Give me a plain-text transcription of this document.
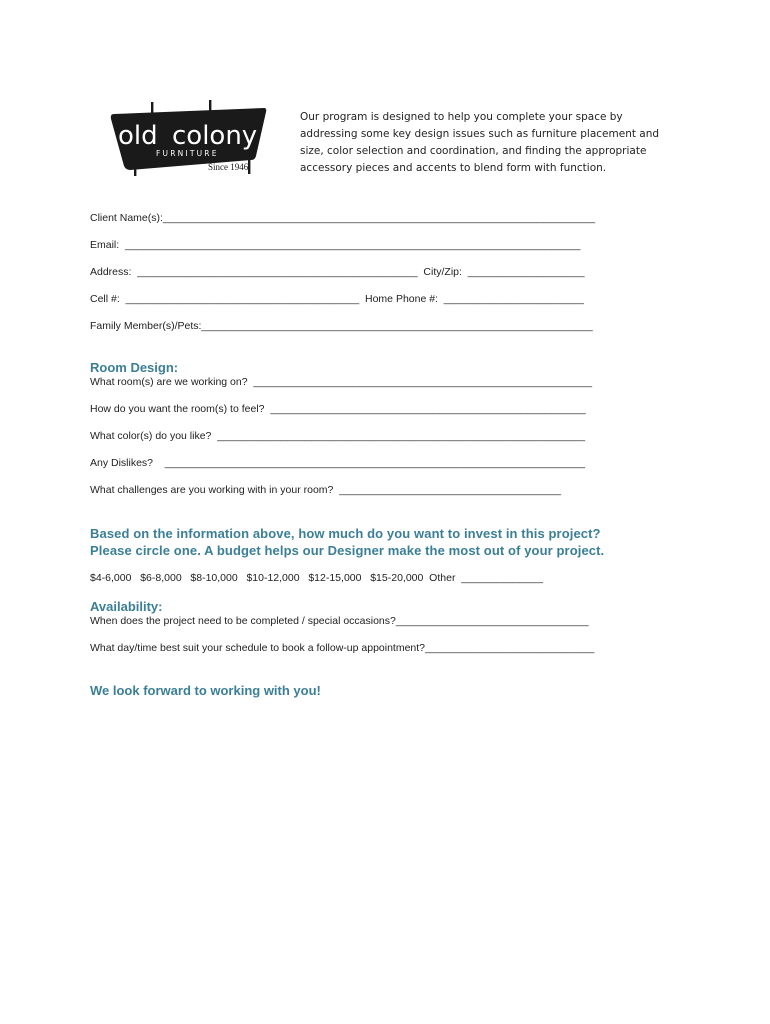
old colony
FURNITURE
Since 1946

Our program is designed to help you complete your space by

addressing some key design issues such as furniture placement and

size, color selection and coordination, and finding the appropriate

accessory pieces and accents to blend form with function.

Client Name(s):__________________________________________________________________________
Email:  ______________________________________________________________________________
Address:  ________________________________________________  City/Zip:  ____________________
Cell #:  ________________________________________  Home Phone #:  ________________________
Family Member(s)/Pets:___________________________________________________________________
Room Design:
What room(s) are we working on?  __________________________________________________________
How do you want the room(s) to feel?  ______________________________________________________
What color(s) do you like?  _______________________________________________________________
Any Dislikes?    ________________________________________________________________________
What challenges are you working with in your room?  ______________________________________
Based on the information above, how much do you want to invest in this project?
Please circle one. A budget helps our Designer make the most out of your project.
$4-6,000   $6-8,000   $8-10,000   $10-12,000   $12-15,000   $15-20,000  Other  ______________
Availability:
When does the project need to be completed / special occasions?_________________________________
What day/time best suit your schedule to book a follow-up appointment?_____________________________
We look forward to working with you!
